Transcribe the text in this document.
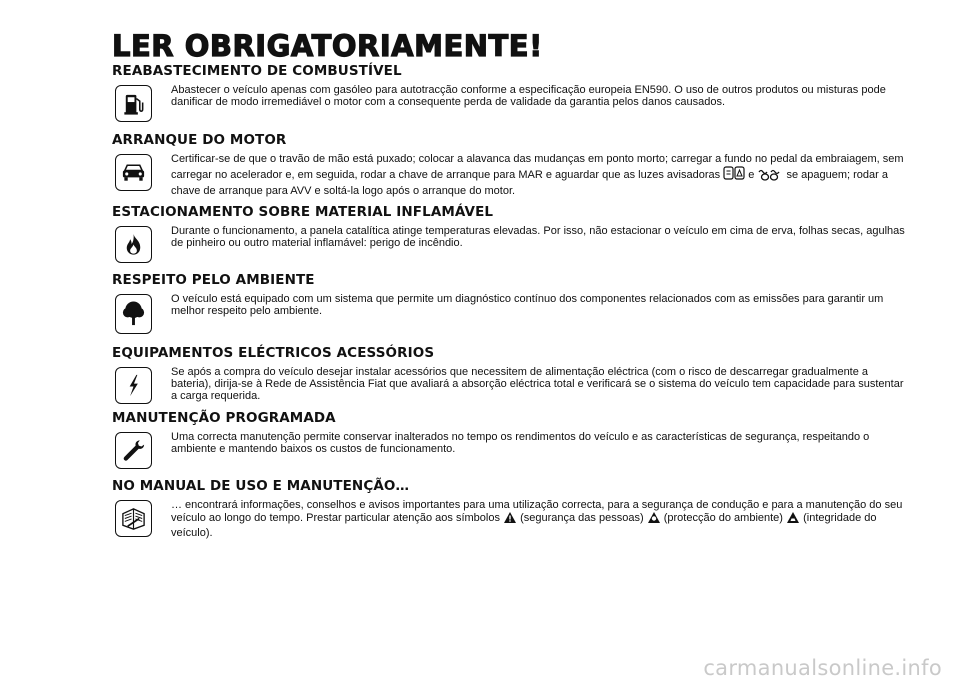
LER OBRIGATORIAMENTE!
REABASTECIMENTO DE COMBUSTÍVEL
Abastecer o veículo apenas com gasóleo para autotracção conforme a especificação europeia EN590. O uso de outros produtos ou misturas pode danificar de modo irremediável o motor com a consequente perda de validade da garantia pelos danos causados.
ARRANQUE DO MOTOR
Certificar-se de que o travão de mão está puxado; colocar a alavanca das mudanças em ponto morto; carregar a fundo no pedal da embraiagem, sem carregar no acelerador e, em seguida, rodar a chave de arranque para MAR e aguardar que as luzes avisadoras	e	se apaguem; rodar a chave de arranque para AVV e soltá-la logo após o arranque do motor.
ESTACIONAMENTO SOBRE MATERIAL INFLAMÁVEL
Durante o funcionamento, a panela catalítica atinge temperaturas elevadas. Por isso, não estacionar o veículo em cima de erva, folhas secas, agulhas de pinheiro ou outro material inflamável: perigo de incêndio.
RESPEITO PELO AMBIENTE
O veículo está equipado com um sistema que permite um diagnóstico contínuo dos componentes relacionados com as emissões para garantir um melhor respeito pelo ambiente.
EQUIPAMENTOS ELÉCTRICOS ACESSÓRIOS
Se após a compra do veículo desejar instalar acessórios que necessitem de alimentação eléctrica (com o risco de descarregar gradualmente a bateria), dirija-se à Rede de Assistência Fiat que avaliará a absorção eléctrica total e verificará se o sistema do veículo tem capacidade para sustentar a carga requerida.
MANUTENÇÃO PROGRAMADA
Uma correcta manutenção permite conservar inalterados no tempo os rendimentos do veículo e as características de segurança, respeitando o ambiente e mantendo baixos os custos de funcionamento.
NO MANUAL DE USO E MANUTENÇÃO…
… encontrará informações, conselhos e avisos importantes para uma utilização correcta, para a segurança de condução e para a manutenção do seu veículo ao longo do tempo. Prestar particular atenção aos símbolos (segurança das pessoas) (protecção do ambiente) (integridade do veículo).
carmanualsonline.info
